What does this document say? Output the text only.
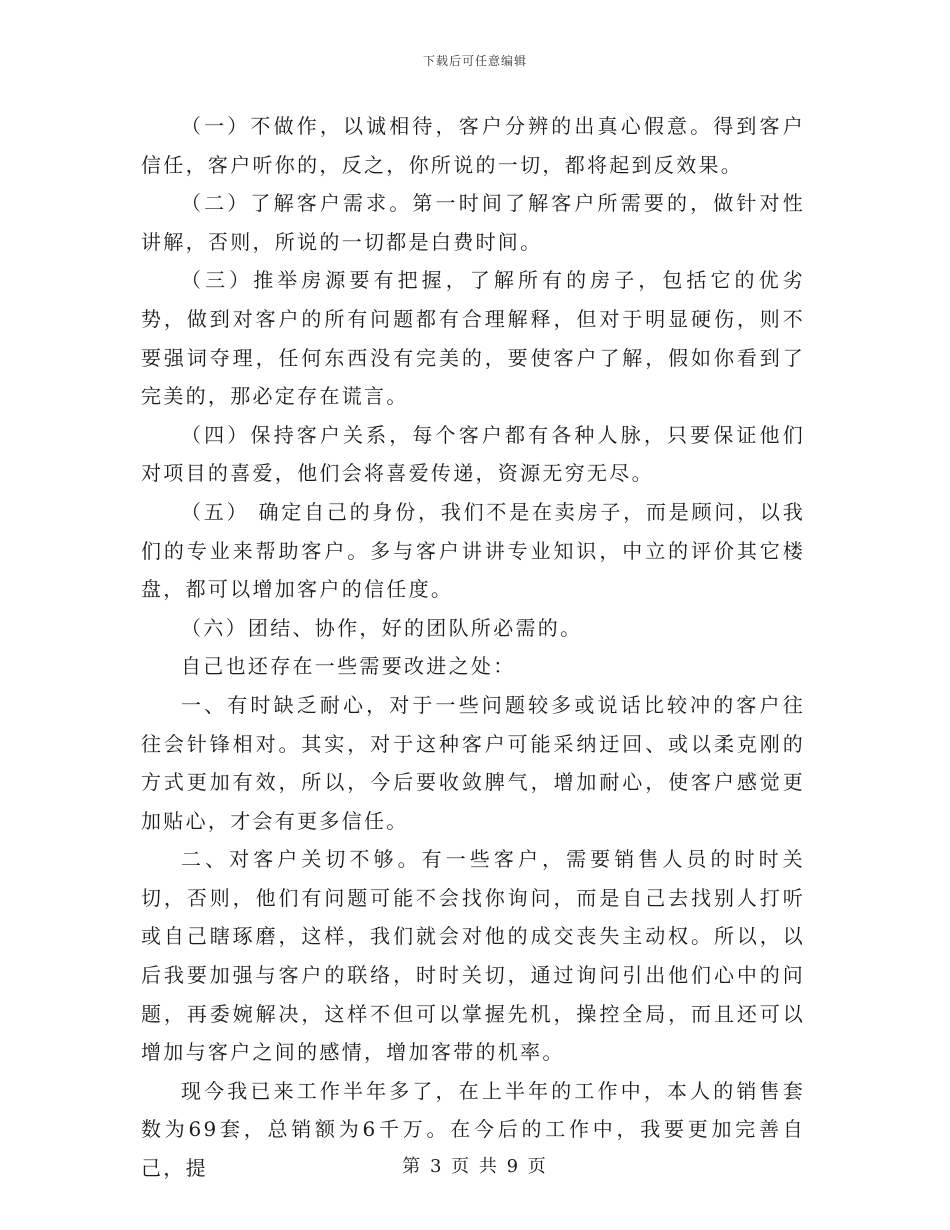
下载后可任意编辑

（一）不做作，以诚相待，客户分辨的出真心假意。得到客户信任，客户听你的，反之，你所说的一切，都将起到反效果。

（二）了解客户需求。第一时间了解客户所需要的，做针对性讲解，否则，所说的一切都是白费时间。

（三）推举房源要有把握，了解所有的房子，包括它的优劣势，做到对客户的所有问题都有合理解释，但对于明显硬伤，则不要强词夺理，任何东西没有完美的，要使客户了解，假如你看到了完美的，那必定存在谎言。

（四）保持客户关系，每个客户都有各种人脉，只要保证他们对项目的喜爱，他们会将喜爱传递，资源无穷无尽。

（五） 确定自己的身份，我们不是在卖房子，而是顾问，以我们的专业来帮助客户。多与客户讲讲专业知识，中立的评价其它楼盘，都可以增加客户的信任度。

（六）团结、协作，好的团队所必需的。

自己也还存在一些需要改进之处：

一、有时缺乏耐心，对于一些问题较多或说话比较冲的客户往往会针锋相对。其实，对于这种客户可能采纳迂回、或以柔克刚的方式更加有效，所以，今后要收敛脾气，增加耐心，使客户感觉更加贴心，才会有更多信任。

二、对客户关切不够。有一些客户，需要销售人员的时时关切，否则，他们有问题可能不会找你询问，而是自己去找别人打听或自己瞎琢磨，这样，我们就会对他的成交丧失主动权。所以，以后我要加强与客户的联络，时时关切，通过询问引出他们心中的问题，再委婉解决，这样不但可以掌握先机，操控全局，而且还可以增加与客户之间的感情，增加客带的机率。

现今我已来工作半年多了，在上半年的工作中，本人的销售套数为69套，总销额为6千万。在今后的工作中，我要更加完善自己，提	第 3 页 共 9 页
